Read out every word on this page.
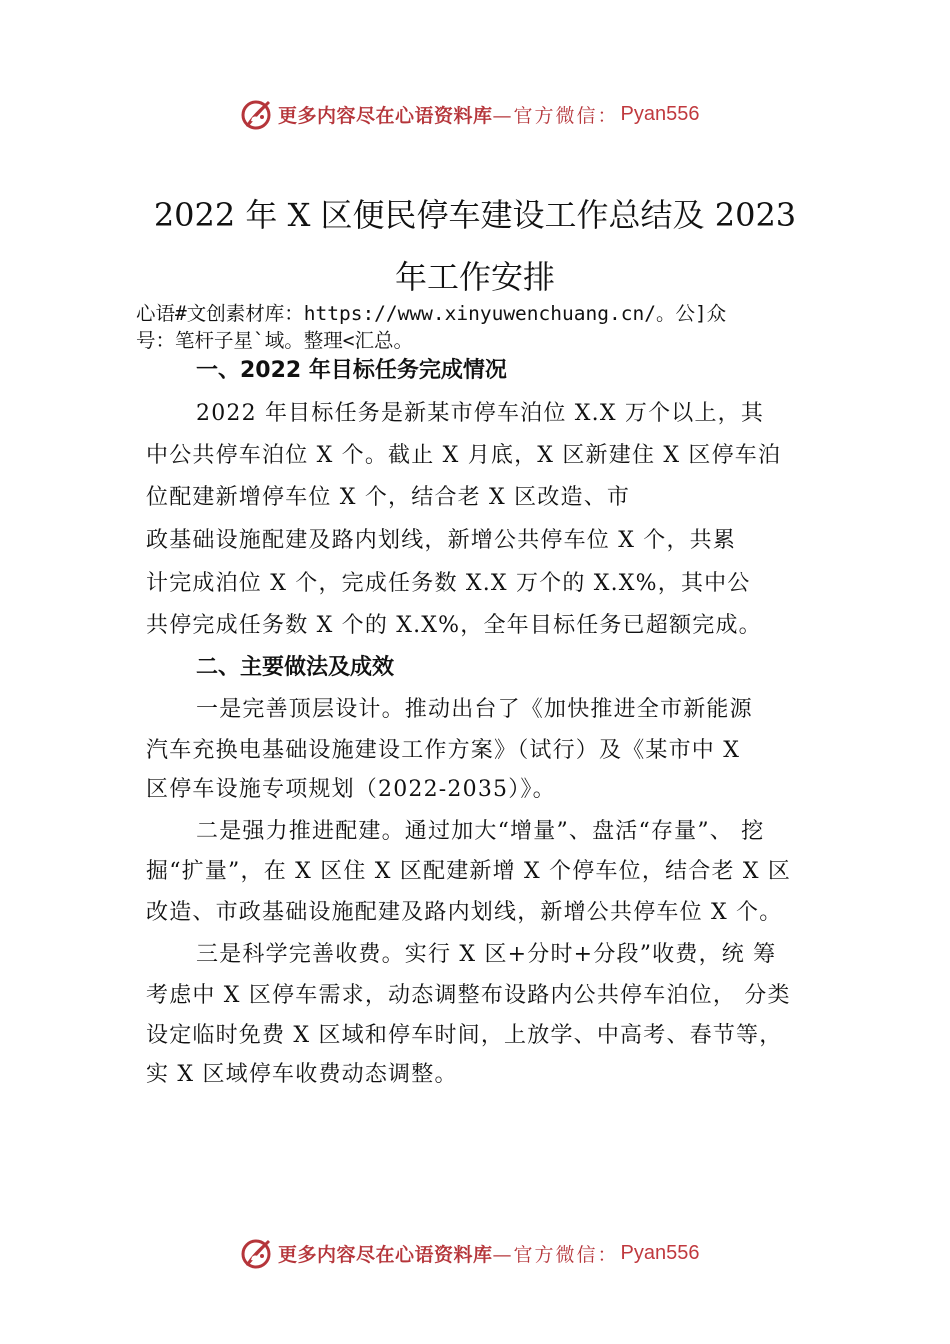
更多内容尽在心语资料库 —官方微信： Pyan556
2022 年 X 区便民停车建设工作总结及 2023
年工作安排
心语#文创素材库：https://www.xinyuwenchuang.cn/。公]众
号：笔杆子星`域。整理<汇总。
一、2022 年目标任务完成情况
2022 年目标任务是新某市停车泊位 X.X 万个以上，其
中公共停车泊位 X 个。截止 X 月底，X 区新建住 X 区停车泊
位配建新增停车位 X 个，结合老 X 区改造、市
政基础设施配建及路内划线，新增公共停车位 X 个，共累
计完成泊位 X 个，完成任务数 X.X 万个的 X.X%，其中公
共停完成任务数 X 个的 X.X%，全年目标任务已超额完成。
二、主要做法及成效
一是完善顶层设计。推动出台了《加快推进全市新能源
汽车充换电基础设施建设工作方案》（试行）及《某市中 X
区停车设施专项规划（2022-2035）》。
二是强力推进配建。通过加大“增量”、盘活“存量”、 挖
掘“扩量”，在 X 区住 X 区配建新增 X 个停车位，结合老 X 区
改造、市政基础设施配建及路内划线，新增公共停车位 X 个。
三是科学完善收费。实行 X 区+分时+分段”收费，统 筹
考虑中 X 区停车需求，动态调整布设路内公共停车泊位， 分类
设定临时免费 X 区域和停车时间，上放学、中高考、春节等，
实 X 区域停车收费动态调整。
更多内容尽在心语资料库 —官方微信： Pyan556
